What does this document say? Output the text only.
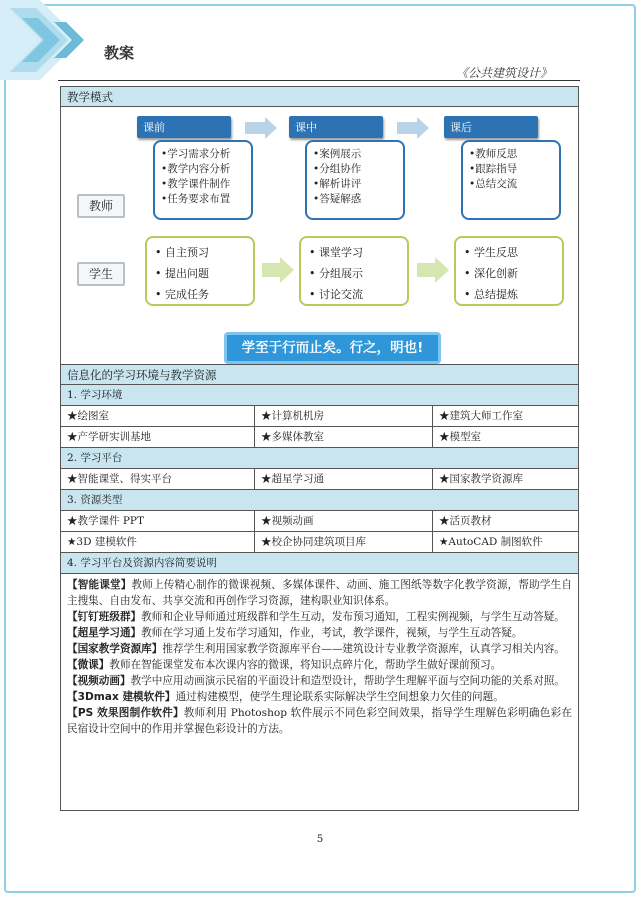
教案
《公共建筑设计》
教学模式
教师
学生
课前
•学习需求分析
•教学内容分析
•教学课件制作
•任务要求布置
课中
•案例展示
•分组协作
•解析讲评
•答疑解惑
课后
•教师反思
•跟踪指导
•总结交流
• 自主预习
• 提出问题
• 完成任务
• 课堂学习
• 分组展示
• 讨论交流
• 学生反思
• 深化创新
• 总结提炼
学至于行而止矣。行之，明也!
信息化的学习环境与教学资源
1. 学习环境
★绘图室	★计算机机房	★建筑大师工作室
★产学研实训基地	★多媒体教室	★模型室
2. 学习平台
★智能课堂、得实平台	★超星学习通	★国家教学资源库
3. 资源类型
★教学课件 PPT	★视频动画	★活页教材
★3D 建模软件	★校企协同建筑项目库	★AutoCAD 制图软件
4. 学习平台及资源内容简要说明

【智能课堂】教师上传精心制作的微课视频、多媒体课件、动画、施工图纸等数字化教学资源，帮助学生自主搜集、自由发布、共享交流和再创作学习资源，建构职业知识体系。

【钉钉班级群】教师和企业导师通过班级群和学生互动，发布预习通知，工程实例视频，与学生互动答疑。

【超星学习通】教师在学习通上发布学习通知，作业，考试，教学课件，视频，与学生互动答疑。

【国家教学资源库】推荐学生利用国家教学资源库平台——建筑设计专业教学资源库，认真学习相关内容。

【微课】教师在智能课堂发布本次课内容的微课，将知识点碎片化，帮助学生做好课前预习。

【视频动画】教学中应用动画演示民宿的平面设计和造型设计，帮助学生理解平面与空间功能的关系对照。

【3Dmax 建模软件】通过构建模型，使学生理论联系实际解决学生空间想象力欠佳的问题。

【PS 效果图制作软件】教师利用 Photoshop 软件展示不同色彩空间效果，指导学生理解色彩明确色彩在民宿设计空间中的作用并掌握色彩设计的方法。

5
